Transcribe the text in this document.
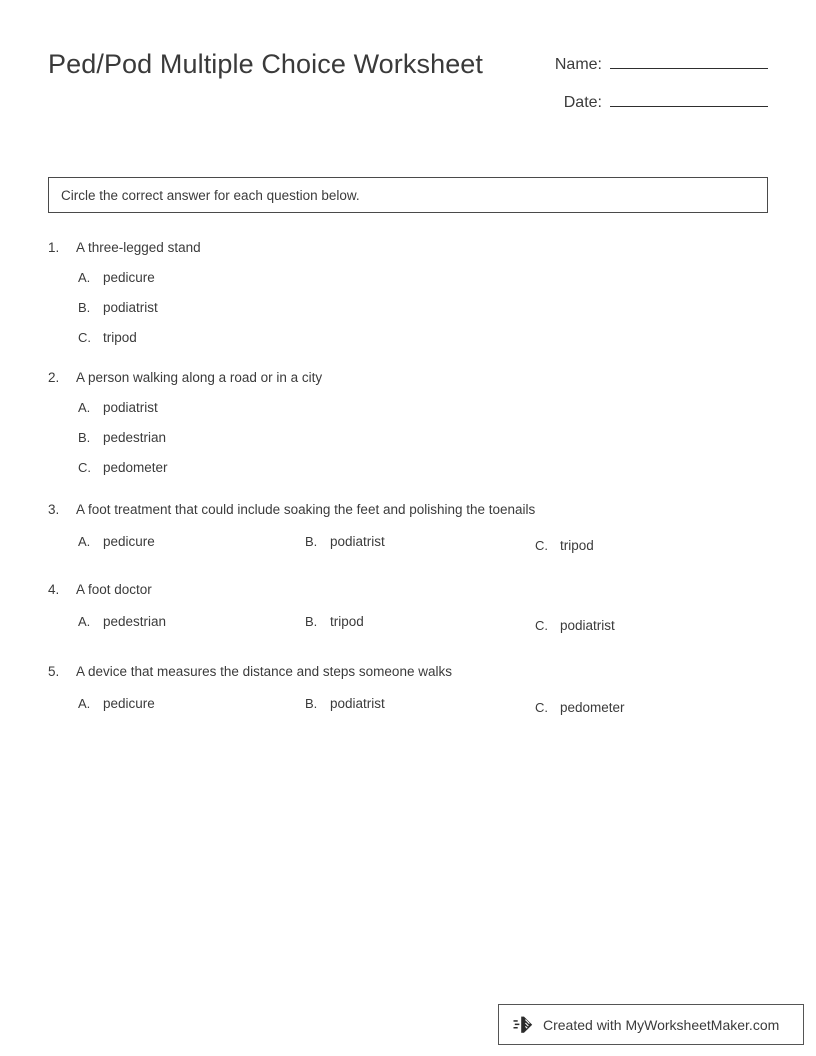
Ped/Pod Multiple Choice Worksheet	Name:
Date:
Circle the correct answer for each question below.
1.	A three-legged stand
A. pedicure
B. podiatrist
C. tripod
2.	A person walking along a road or in a city
A. podiatrist
B. pedestrian
C. pedometer
3.	A foot treatment that could include soaking the feet and polishing the toenails
A. pedicure	B. podiatrist	C. tripod
4.	A foot doctor
A. pedestrian	B. tripod	C. podiatrist
5.	A device that measures the distance and steps someone walks
A. pedicure	B. podiatrist	C. pedometer
Created with MyWorksheetMaker.com
